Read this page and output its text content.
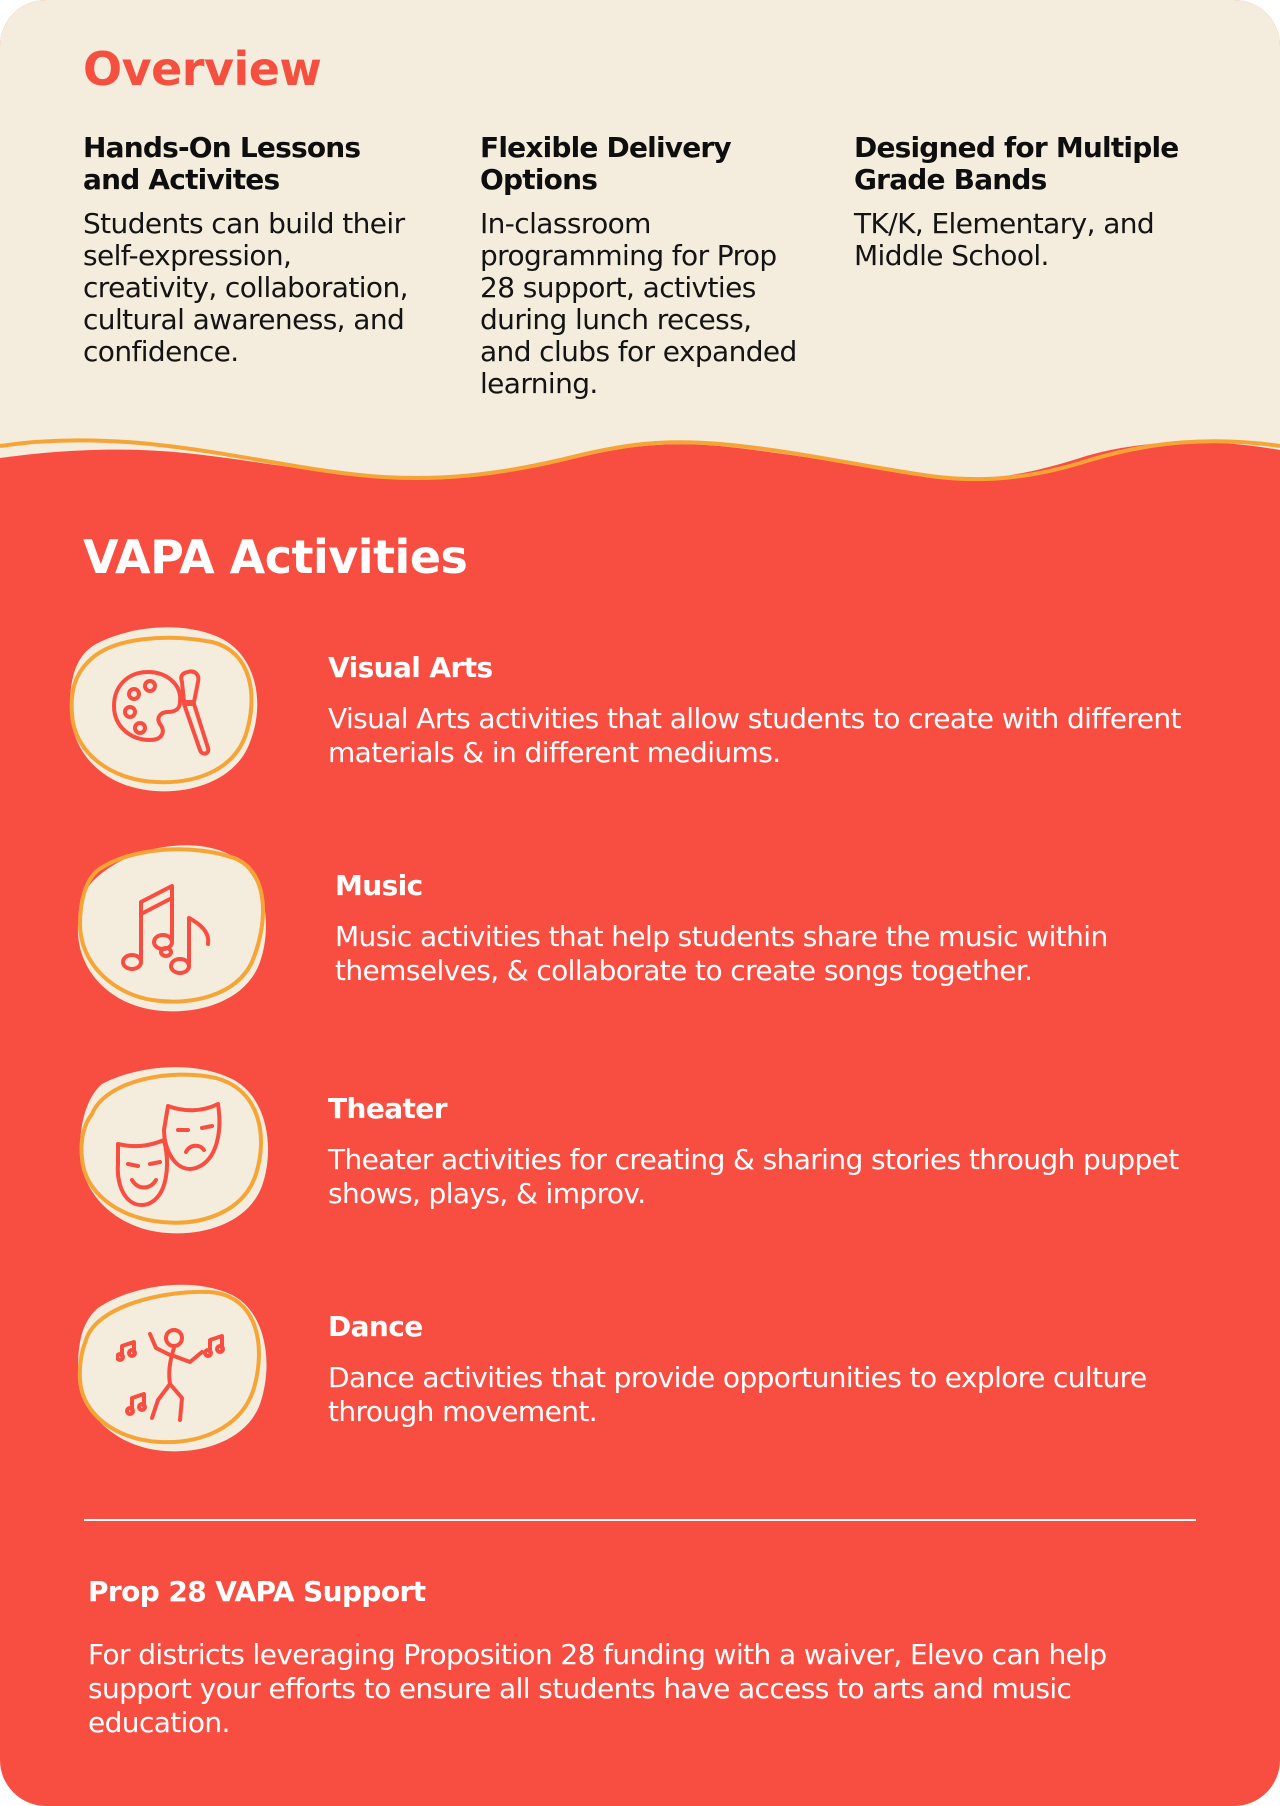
Overview
Hands-On Lessons and Activites

Students can build their self-expression, creativity, collaboration, cultural awareness, and confidence.

Flexible Delivery Options

In-classroom programming for Prop 28 support, activties during lunch recess, and clubs for expanded learning.

Designed for Multiple Grade Bands

TK/K, Elementary, and Middle School.

VAPA Activities
Visual Arts

Visual Arts activities that allow students to create with different materials & in different mediums.

Music

Music activities that help students share the music within themselves, & collaborate to create songs together.

Theater

Theater activities for creating & sharing stories through puppet shows, plays, & improv.

Dance

Dance activities that provide opportunities to explore culture through movement.

Prop 28 VAPA Support

For districts leveraging Proposition 28 funding with a waiver, Elevo can help support your efforts to ensure all students have access to arts and music education.
